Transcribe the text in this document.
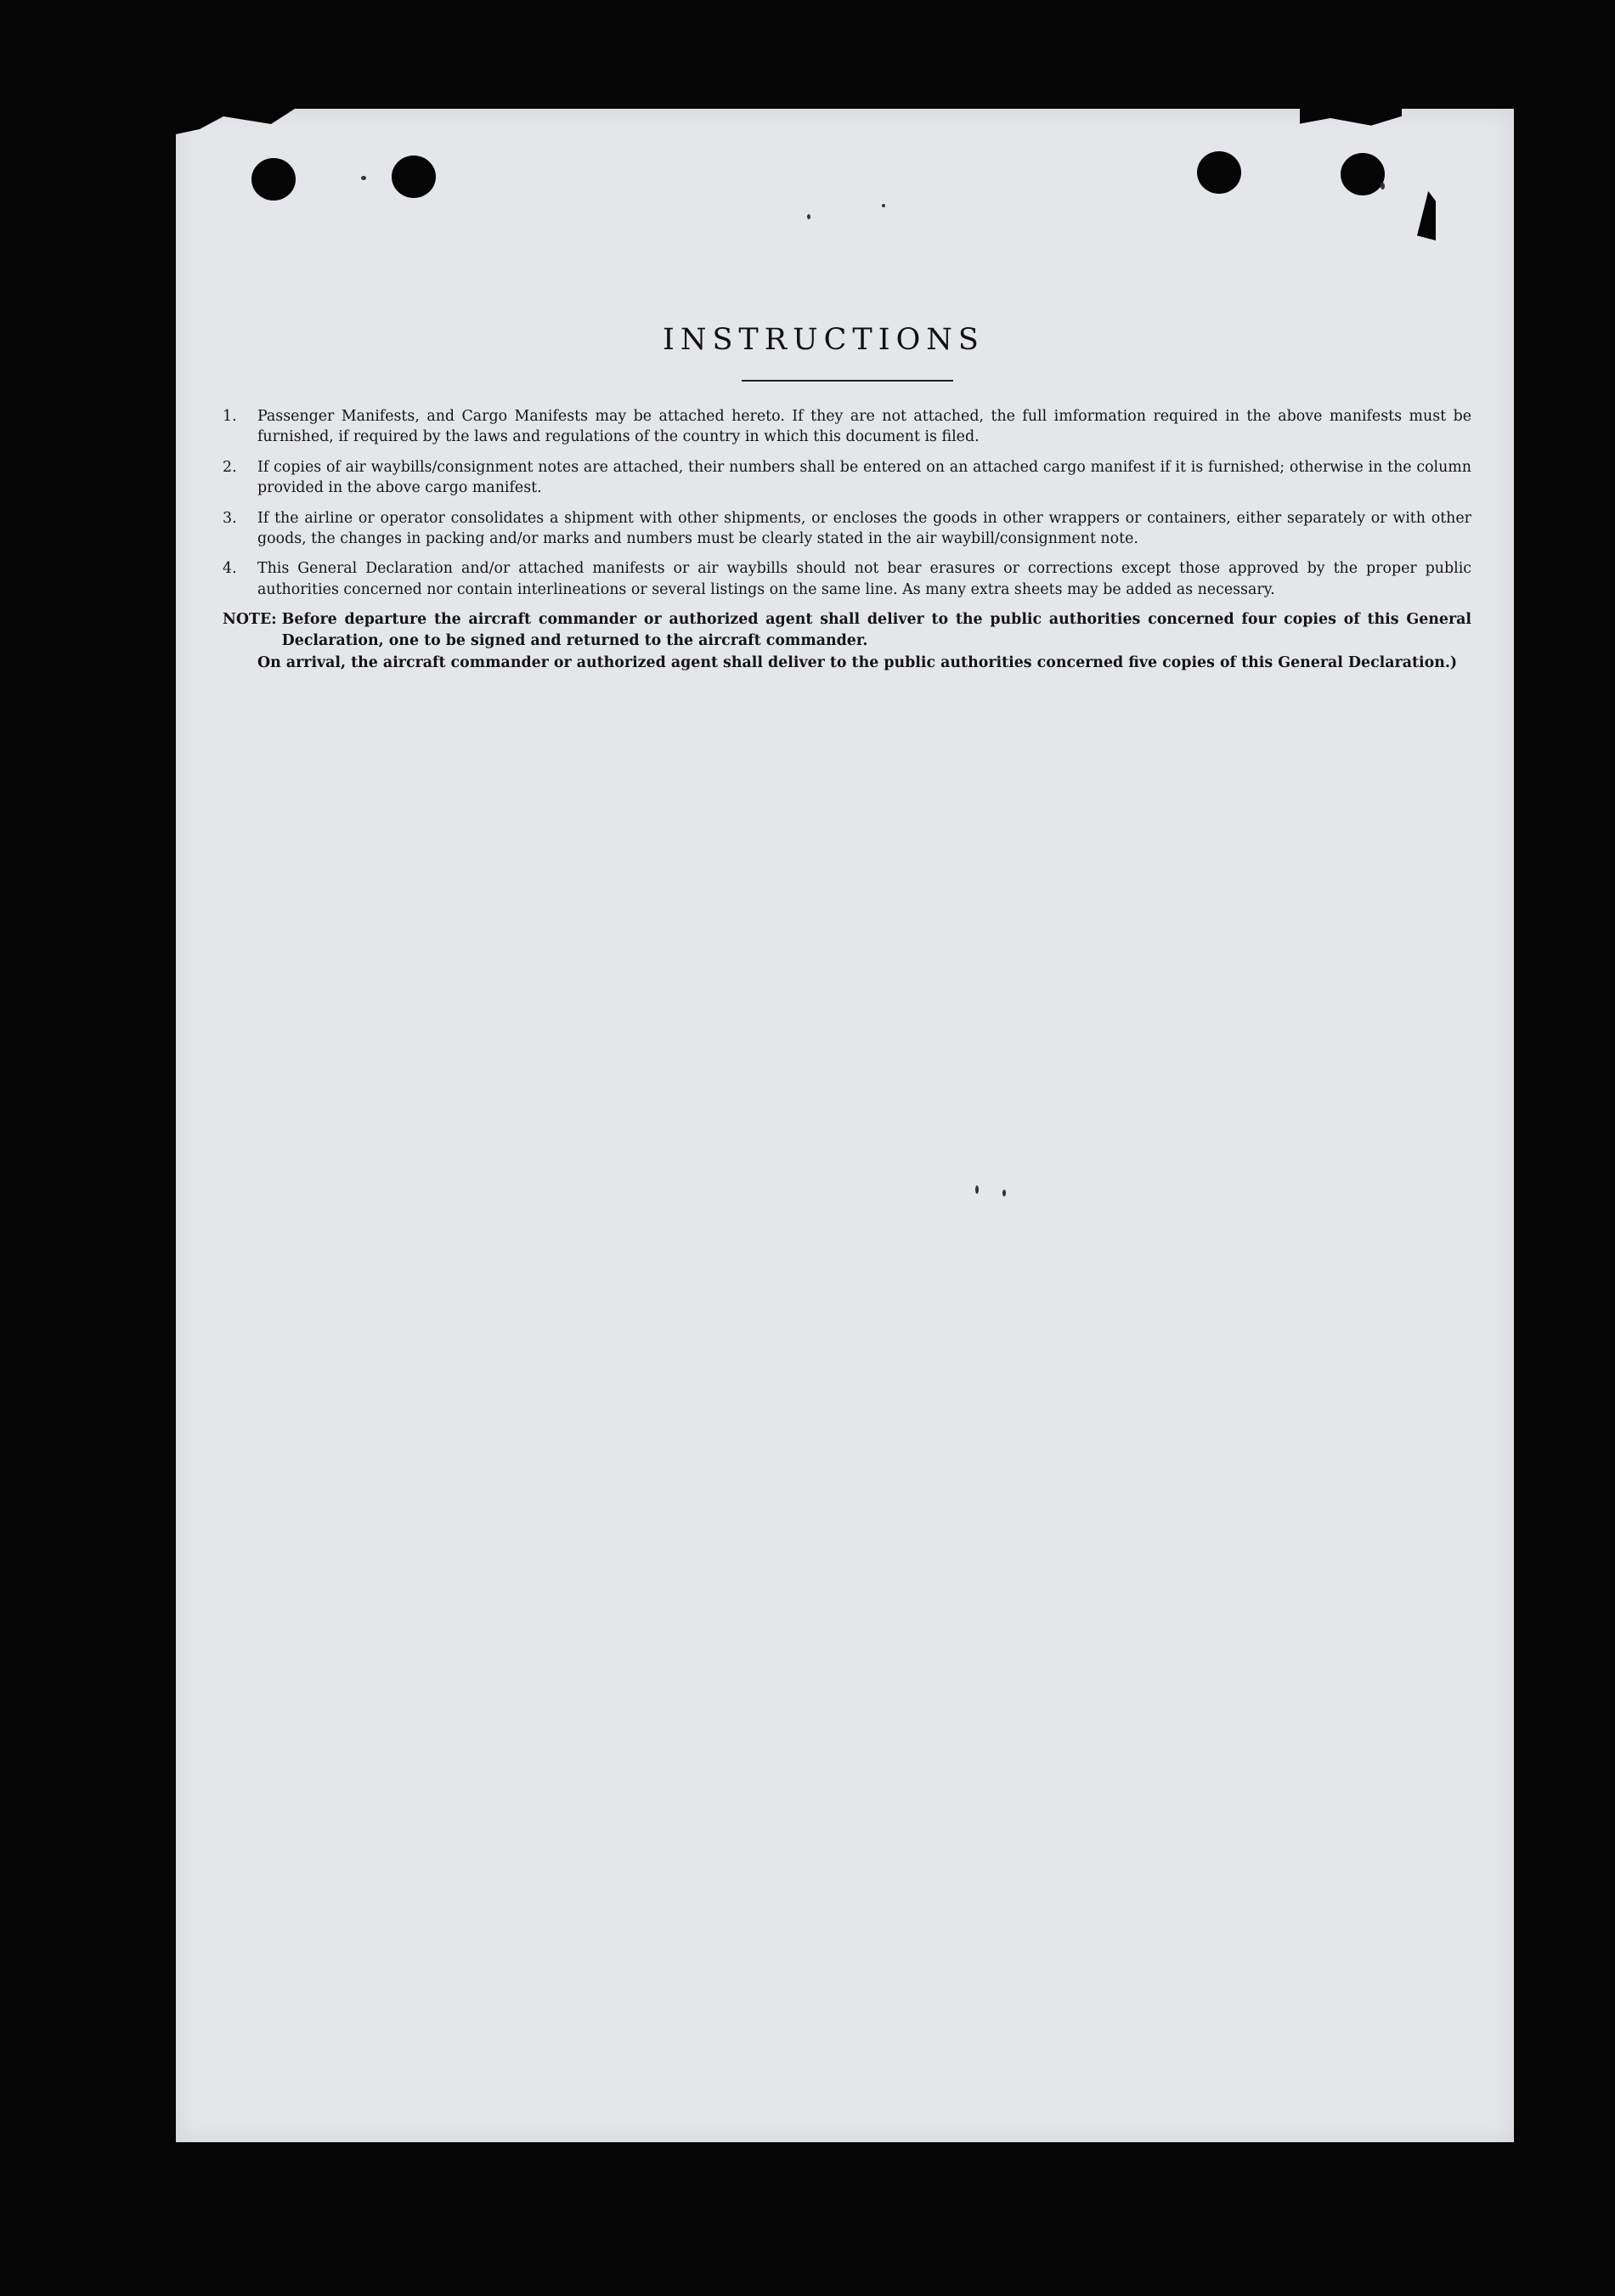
INSTRUCTIONS
1.	Passenger Manifests, and Cargo Manifests may be attached hereto. If they are not attached, the full imformation required in the above manifests must be furnished, if required by the laws and regulations of the country in which this document is filed.
2.	If copies of air waybills/consignment notes are attached, their numbers shall be entered on an attached cargo manifest if it is furnished; otherwise in the column provided in the above cargo manifest.
3.	If the airline or operator consolidates a shipment with other shipments, or encloses the goods in other wrappers or containers, either separately or with other goods, the changes in packing and/or marks and numbers must be clearly stated in the air waybill/consignment note.
4.	This General Declaration and/or attached manifests or air waybills should not bear erasures or corrections except those approved by the proper public authorities concerned nor contain interlineations or several listings on the same line. As many extra sheets may be added as necessary.
NOTE: Before departure the aircraft commander or authorized agent shall deliver to the public authorities concerned four copies of this General Declaration, one to be signed and returned to the aircraft commander.
On arrival, the aircraft commander or authorized agent shall deliver to the public authorities concerned five copies of this General Declaration.)
